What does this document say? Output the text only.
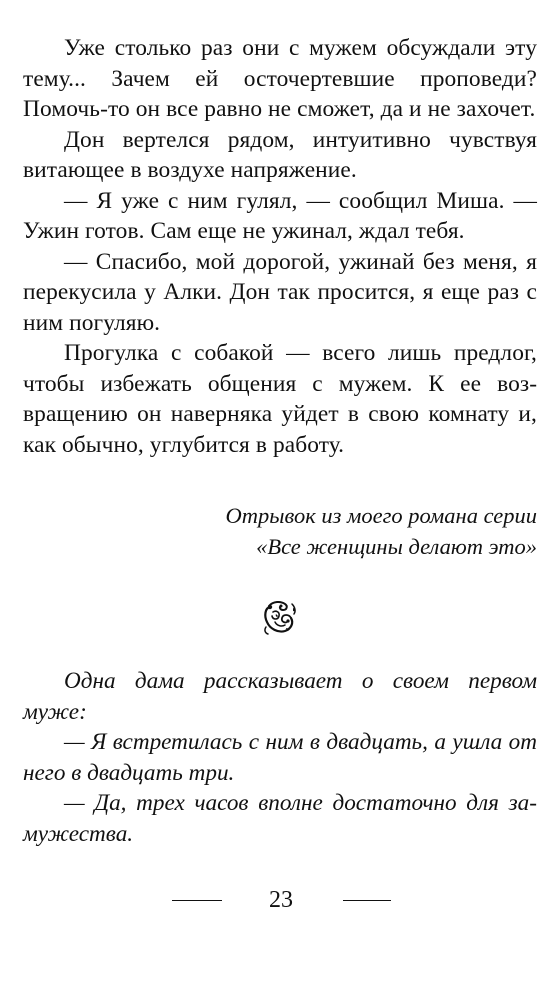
Уже столько раз они с мужем обсуждали эту тему... Зачем ей осточертевшие проповеди? Помочь-то он все равно не сможет, да и не захочет.

Дон вертелся рядом, интуитивно чувствуя витающее в воздухе напряжение.

— Я уже с ним гулял, — сообщил Миша. — Ужин готов. Сам еще не ужинал, ждал тебя.

— Спасибо, мой дорогой, ужинай без меня, я перекусила у Алки. Дон так просится, я еще раз с ним погуляю.

Прогулка с собакой — всего лишь предлог, чтобы избежать общения с мужем. К ее возвращению он наверняка уйдет в свою комнату и, как обычно, углубится в работу.

Отрывок из моего романа серии
«Все женщины делают это»

Одна дама рассказывает о своем первом муже:

— Я встретилась с ним в двадцать, а ушла от него в двадцать три.

— Да, трех часов вполне достаточно для замужества.

23
